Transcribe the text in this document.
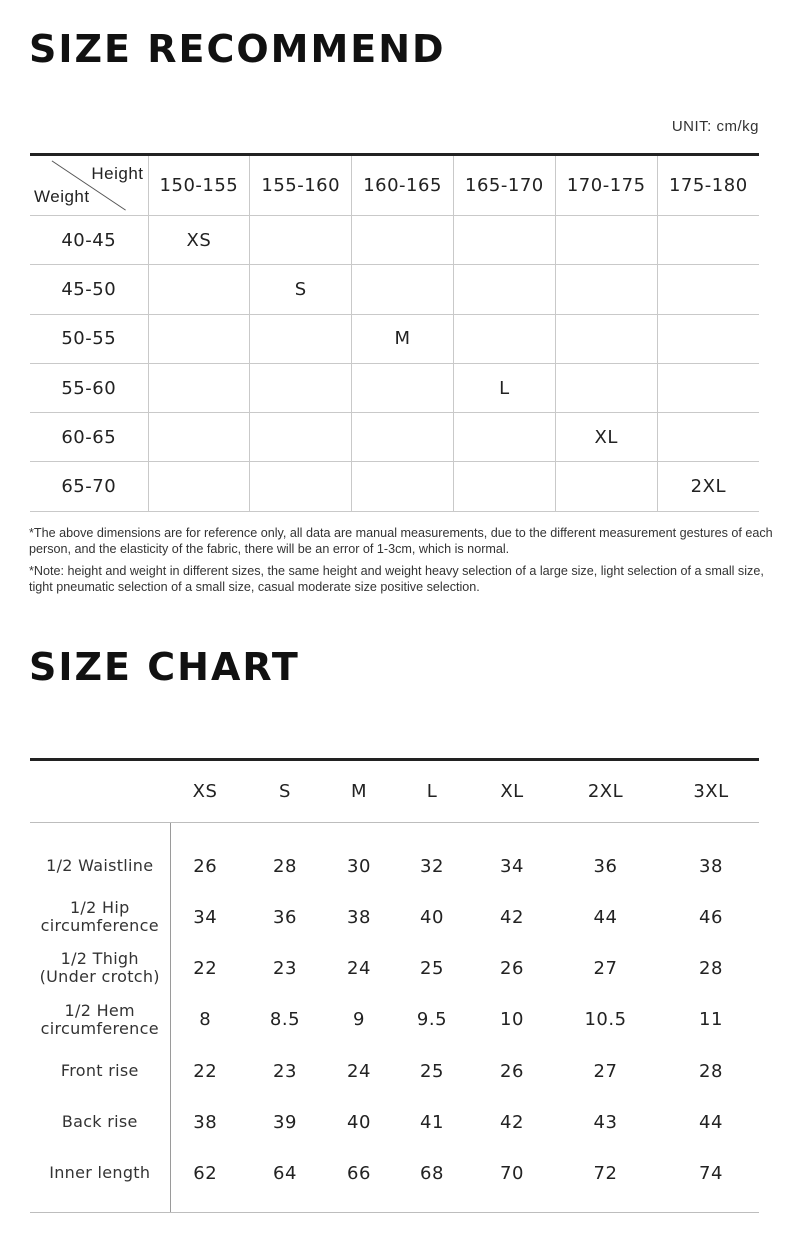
SIZE RECOMMEND
UNIT: cm/kg
Height
Weight	150-155	155-160	160-165	165-170	170-175	175-180
40-45	XS					
45-50		S				
50-55			M			
55-60				L		
60-65					XL	
65-70						2XL

*The above dimensions are for reference only, all data are manual measurements, due to the different measurement gestures of each person, and the elasticity of the fabric, there will be an error of 1-3cm, which is normal.

*Note: height and weight in different sizes, the same height and weight heavy selection of a large size, light selection of a small size, tight pneumatic selection of a small size, casual moderate size positive selection.

SIZE CHART
	XS	S	M	L	XL	2XL	3XL

1/2 Waistline	26	28	30	32	34	36	38

1/2 Hip
circumference	34	36	38	40	42	44	46

1/2 Thigh
(Under crotch)	22	23	24	25	26	27	28

1/2 Hem
circumference	8	8.5	9	9.5	10	10.5	11

Front rise	22	23	24	25	26	27	28

Back rise	38	39	40	41	42	43	44

Inner length	62	64	66	68	70	72	74
